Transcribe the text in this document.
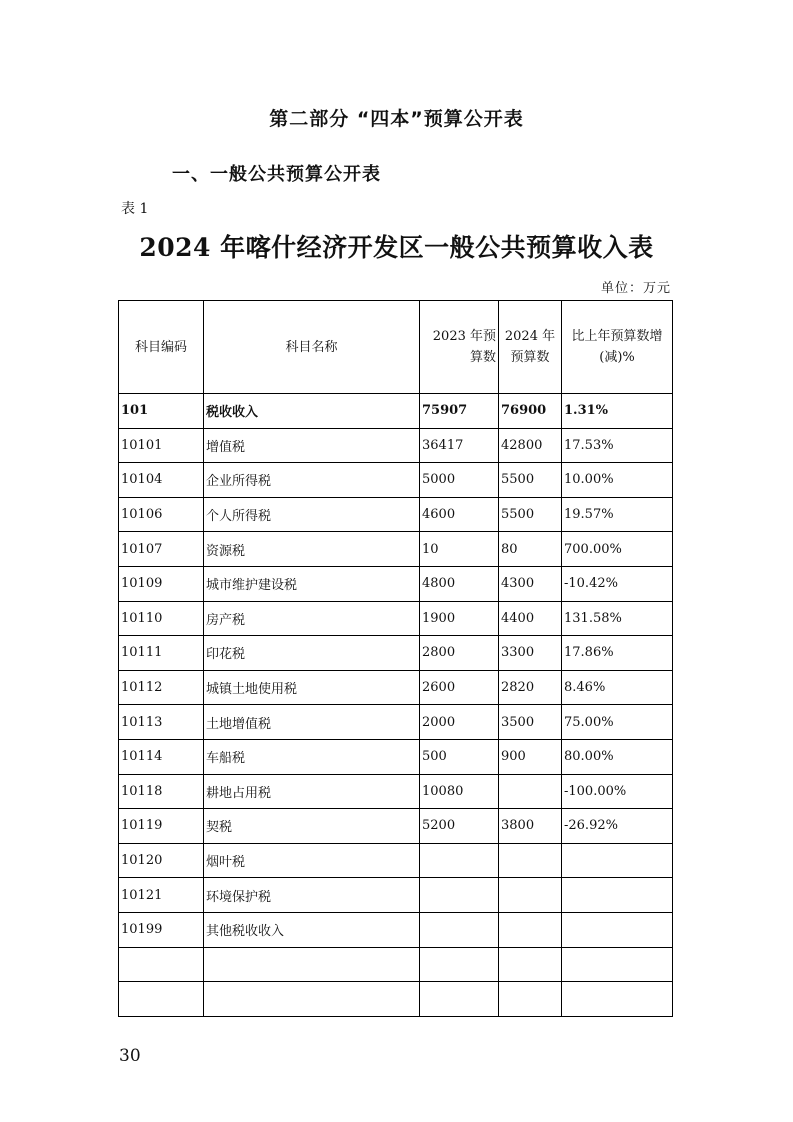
第二部分 “四本”预算公开表
一、一般公共预算公开表
表 1
2024 年喀什经济开发区一般公共预算收入表
单位：万元
科目编码	科目名称	2023 年预算数	2024 年预算数	比上年预算数增(减)%
101	税收收入	75907	76900	1.31%
10101	增值税	36417	42800	17.53%
10104	企业所得税	5000	5500	10.00%
10106	个人所得税	4600	5500	19.57%
10107	资源税	10	80	700.00%
10109	城市维护建设税	4800	4300	-10.42%
10110	房产税	1900	4400	131.58%
10111	印花税	2800	3300	17.86%
10112	城镇土地使用税	2600	2820	8.46%
10113	土地增值税	2000	3500	75.00%
10114	车船税	500	900	80.00%
10118	耕地占用税	10080		-100.00%
10119	契税	5200	3800	-26.92%
10120	烟叶税			
10121	环境保护税			
10199	其他税收收入			

30
